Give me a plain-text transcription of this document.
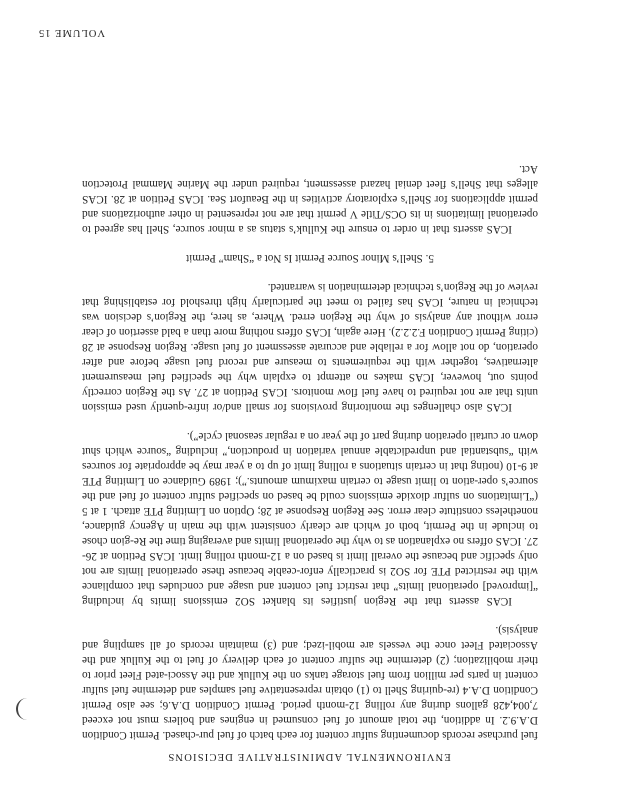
ENVIRONMENTAL ADMINISTRATIVE DECISIONS

fuel purchase records documenting sulfur content for each batch of fuel pur-chased. Permit Condition D.A.9.2. In addition, the total amount of fuel consumed in engines and boilers must not exceed 7,004,428 gallons during any rolling 12-month period. Permit Condition D.A.6; see also Permit Condition D.A.4 (re-quiring Shell to (1) obtain representative fuel samples and determine fuel sulfur content in parts per million from fuel storage tanks on the Kulluk and the Associ-ated Fleet prior to their mobilization; (2) determine the sulfur content of each delivery of fuel to the Kulluk and the Associated Fleet once the vessels are mobil-ized; and (3) maintain records of all sampling and analysis).

ICAS asserts that the Region justifies its blanket SO2 emissions limits by including “[improved] operational limits” that restrict fuel content and usage and concludes that compliance with the restricted PTE for SO2 is practically enfor-ceable because these operational limits are not only specific and because the overall limit is based on a 12-month rolling limit. ICAS Petition at 26-27. ICAS offers no explanation as to why the operational limits and averaging time the Re-gion chose to include in the Permit, both of which are clearly consistent with the main in Agency guidance, nonetheless constitute clear error. See Region Response at 28; Option on Limiting PTE attach. 1 at 5 (“Limitations on sulfur dioxide emissions could be based on specified sulfur content of fuel and the source’s oper-ation to limit usage to certain maximum amounts.”); 1989 Guidance on Limiting PTE at 9-10 (noting that in certain situations a rolling limit of up to a year may be appropriate for sources with “substantial and unpredictable annual variation in production,” including “source which shut down or curtail operation during part of the year on a regular seasonal cycle”).

ICAS also challenges the monitoring provisions for small and/or infre-quently used emission units that are not required to have fuel flow monitors. ICAS Petition at 27. As the Region correctly points out, however, ICAS makes no attempt to explain why the specified fuel measurement alternatives, together with the requirements to measure and record fuel usage before and after operation, do not allow for a reliable and accurate assessment of fuel usage. Region Response at 28 (citing Permit Condition F.2.2.2). Here again, ICAS offers nothing more than a bald assertion of clear error without any analysis of why the Region erred. Where, as here, the Region’s decision was technical in nature, ICAS has failed to meet the particularly high threshold for establishing that review of the Region’s technical determination is warranted.

5. Shell’s Minor Source Permit Is Not a “Sham” Permit

ICAS asserts that in order to ensure the Kulluk’s status as a minor source, Shell has agreed to operational limitations in its OCS/Title V permit that are not represented in other authorizations and permit applications for Shell’s exploratory activities in the Beaufort Sea. ICAS Petition at 28. ICAS alleges that Shell’s fleet denial hazard assessment, required under the Marine Mammal Protection Act.

VOLUME 15
